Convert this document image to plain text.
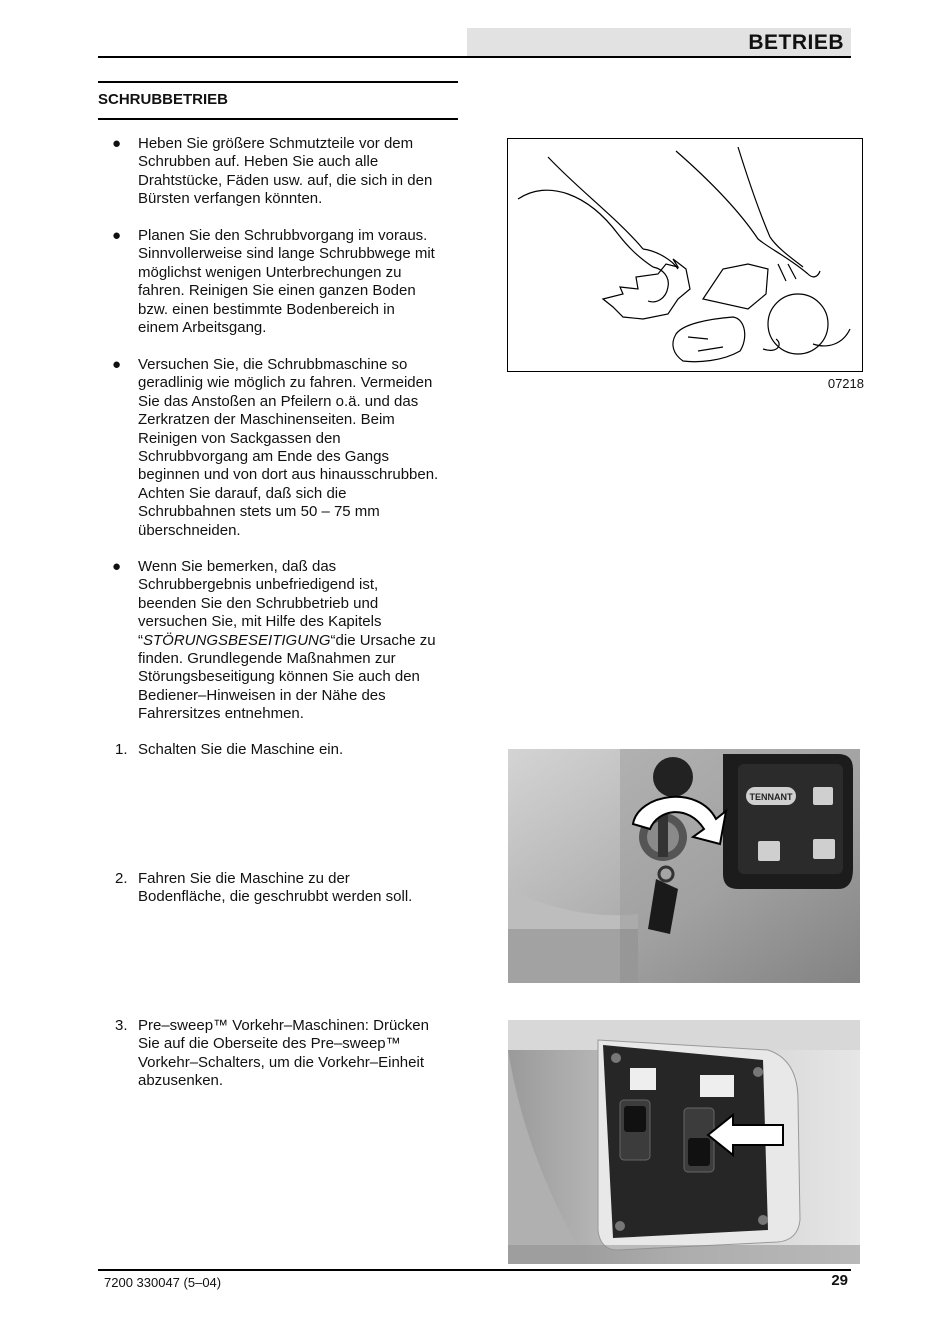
BETRIEB
SCHRUBBETRIEB
● Heben Sie größere Schmutzteile vor dem
Schrubben auf. Heben Sie auch alle
Drahtstücke, Fäden usw. auf, die sich in den
Bürsten verfangen könnten.
● Planen Sie den Schrubbvorgang im voraus.
Sinnvollerweise sind lange Schrubbwege mit
möglichst wenigen Unterbrechungen zu
fahren. Reinigen Sie einen ganzen Boden
bzw. einen bestimmte Bodenbereich in
einem Arbeitsgang.
● Versuchen Sie, die Schrubbmaschine so
geradlinig wie möglich zu fahren. Vermeiden
Sie das Anstoßen an Pfeilern o.ä. und das
Zerkratzen der Maschinenseiten. Beim
Reinigen von Sackgassen den
Schrubbvorgang am Ende des Gangs
beginnen und von dort aus hinausschrubben.
Achten Sie darauf, daß sich die
Schrubbahnen stets um 50 – 75 mm
überschneiden.
● Wenn Sie bemerken, daß das
Schrubbergebnis unbefriedigend ist,
beenden Sie den Schrubbetrieb und
versuchen Sie, mit Hilfe des Kapitels
“STÖRUNGSBESEITIGUNG“die Ursache zu
finden. Grundlegende Maßnahmen zur
Störungsbeseitigung können Sie auch den
Bediener–Hinweisen in der Nähe des
Fahrersitzes entnehmen.
1. Schalten Sie die Maschine ein.
2. Fahren Sie die Maschine zu der
Bodenfläche, die geschrubbt werden soll.
3. Pre–sweep™ Vorkehr–Maschinen: Drücken
Sie auf die Oberseite des Pre–sweep™
Vorkehr–Schalters, um die Vorkehr–Einheit
abzusenken.
07218
TENNANT
7200 330047 (5–04)	29
